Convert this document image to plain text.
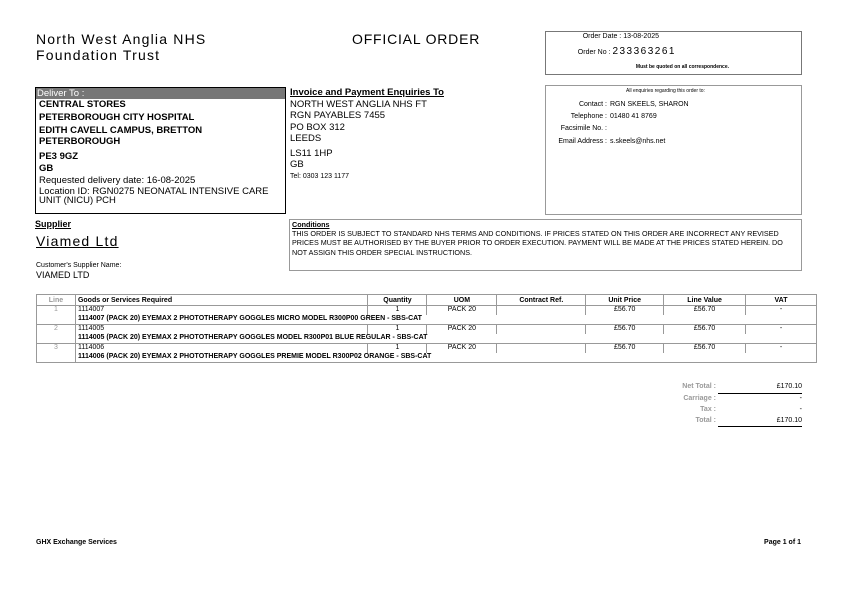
North West Anglia NHS
Foundation Trust
OFFICIAL ORDER	Order Date : 13-08-2025
Order No : 233363261
Must be quoted on all correspondence.
Deliver To :
CENTRAL STORES
PETERBOROUGH CITY HOSPITAL
EDITH CAVELL CAMPUS, BRETTON
PETERBOROUGH
PE3 9GZ
GB
Requested delivery date: 16-08-2025
Location ID: RGN0275 NEONATAL INTENSIVE CARE
UNIT (NICU) PCH
Invoice and Payment Enquiries To
NORTH WEST ANGLIA NHS FT
RGN PAYABLES 7455
PO BOX 312
LEEDS
LS11 1HP
GB
Tel: 0303 123 1177
All enquiries regarding this order to:
Contact : RGN SKEELS, SHARON
Telephone : 01480 41 8769
Facsimile No. :
Email Address : s.skeels@nhs.net
Supplier
Viamed Ltd
Customer's Supplier Name:
VIAMED LTD
Conditions
THIS ORDER IS SUBJECT TO STANDARD NHS TERMS AND CONDITIONS. IF PRICES STATED ON THIS ORDER ARE INCORRECT ANY REVISED PRICES MUST BE AUTHORISED BY THE BUYER PRIOR TO ORDER EXECUTION. PAYMENT WILL BE MADE AT THE PRICES STATED HEREIN. DO NOT ASSIGN THIS ORDER SPECIAL INSTRUCTIONS.
Line	Goods or Services Required	Quantity	UOM	Contract Ref.	Unit Price	Line Value	VAT
1	1114007	1	PACK 20		£56.70	£56.70	-
	1114007 (PACK 20) EYEMAX 2 PHOTOTHERAPY GOGGLES MICRO MODEL R300P00 GREEN - SBS-CAT						
2	1114005	1	PACK 20		£56.70	£56.70	-
	1114005 (PACK 20) EYEMAX 2 PHOTOTHERAPY GOGGLES MODEL R300P01 BLUE REGULAR - SBS-CAT						
3	1114006	1	PACK 20		£56.70	£56.70	-
	1114006 (PACK 20) EYEMAX 2 PHOTOTHERAPY GOGGLES PREMIE MODEL R300P02 ORANGE - SBS-CAT						
Net Total :	£170.10
Carriage :	-
Tax :	-
Total :	£170.10
GHX Exchange Services	Page 1 of 1
